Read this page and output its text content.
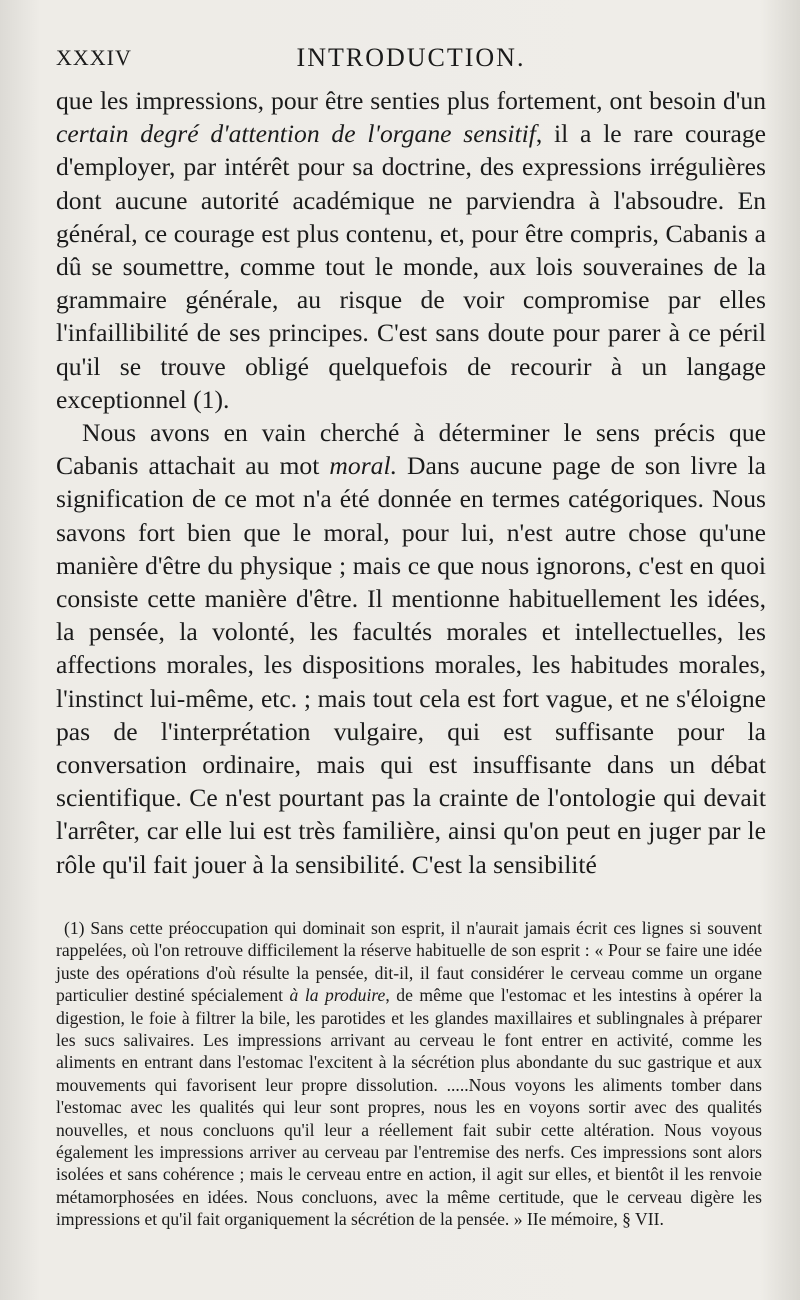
XXXIV	INTRODUCTION.

que les impressions, pour être senties plus fortement, ont besoin d'un certain degré d'attention de l'organe sensitif, il a le rare courage d'employer, par intérêt pour sa doctrine, des expressions irrégulières dont aucune autorité académique ne parviendra à l'absoudre. En général, ce courage est plus contenu, et, pour être compris, Cabanis a dû se soumettre, comme tout le monde, aux lois souveraines de la grammaire générale, au risque de voir compromise par elles l'infaillibilité de ses principes. C'est sans doute pour parer à ce péril qu'il se trouve obligé quelquefois de recourir à un langage exceptionnel (1).

Nous avons en vain cherché à déterminer le sens précis que Cabanis attachait au mot moral. Dans aucune page de son livre la signification de ce mot n'a été donnée en termes catégoriques. Nous savons fort bien que le moral, pour lui, n'est autre chose qu'une manière d'être du physique ; mais ce que nous ignorons, c'est en quoi consiste cette manière d'être. Il mentionne habituellement les idées, la pensée, la volonté, les facultés morales et intellectuelles, les affections morales, les dispositions morales, les habitudes morales, l'instinct lui-même, etc. ; mais tout cela est fort vague, et ne s'éloigne pas de l'interprétation vulgaire, qui est suffisante pour la conversation ordinaire, mais qui est insuffisante dans un débat scientifique. Ce n'est pourtant pas la crainte de l'ontologie qui devait l'arrêter, car elle lui est très familière, ainsi qu'on peut en juger par le rôle qu'il fait jouer à la sensibilité. C'est la sensibilité

(1) Sans cette préoccupation qui dominait son esprit, il n'aurait jamais écrit ces lignes si souvent rappelées, où l'on retrouve difficilement la réserve habituelle de son esprit : « Pour se faire une idée juste des opérations d'où résulte la pensée, dit-il, il faut considérer le cerveau comme un organe particulier destiné spécialement à la produire, de même que l'estomac et les intestins à opérer la digestion, le foie à filtrer la bile, les parotides et les glandes maxillaires et sublingnales à préparer les sucs salivaires. Les impressions arrivant au cerveau le font entrer en activité, comme les aliments en entrant dans l'estomac l'excitent à la sécrétion plus abondante du suc gastrique et aux mouvements qui favorisent leur propre dissolution. .....Nous voyons les aliments tomber dans l'estomac avec les qualités qui leur sont propres, nous les en voyons sortir avec des qualités nouvelles, et nous concluons qu'il leur a réellement fait subir cette altération. Nous voyous également les impressions arriver au cerveau par l'entremise des nerfs. Ces impressions sont alors isolées et sans cohérence ; mais le cerveau entre en action, il agit sur elles, et bientôt il les renvoie métamorphosées en idées. Nous concluons, avec la même certitude, que le cerveau digère les impressions et qu'il fait organiquement la sécrétion de la pensée. » IIe mémoire, § VII.
